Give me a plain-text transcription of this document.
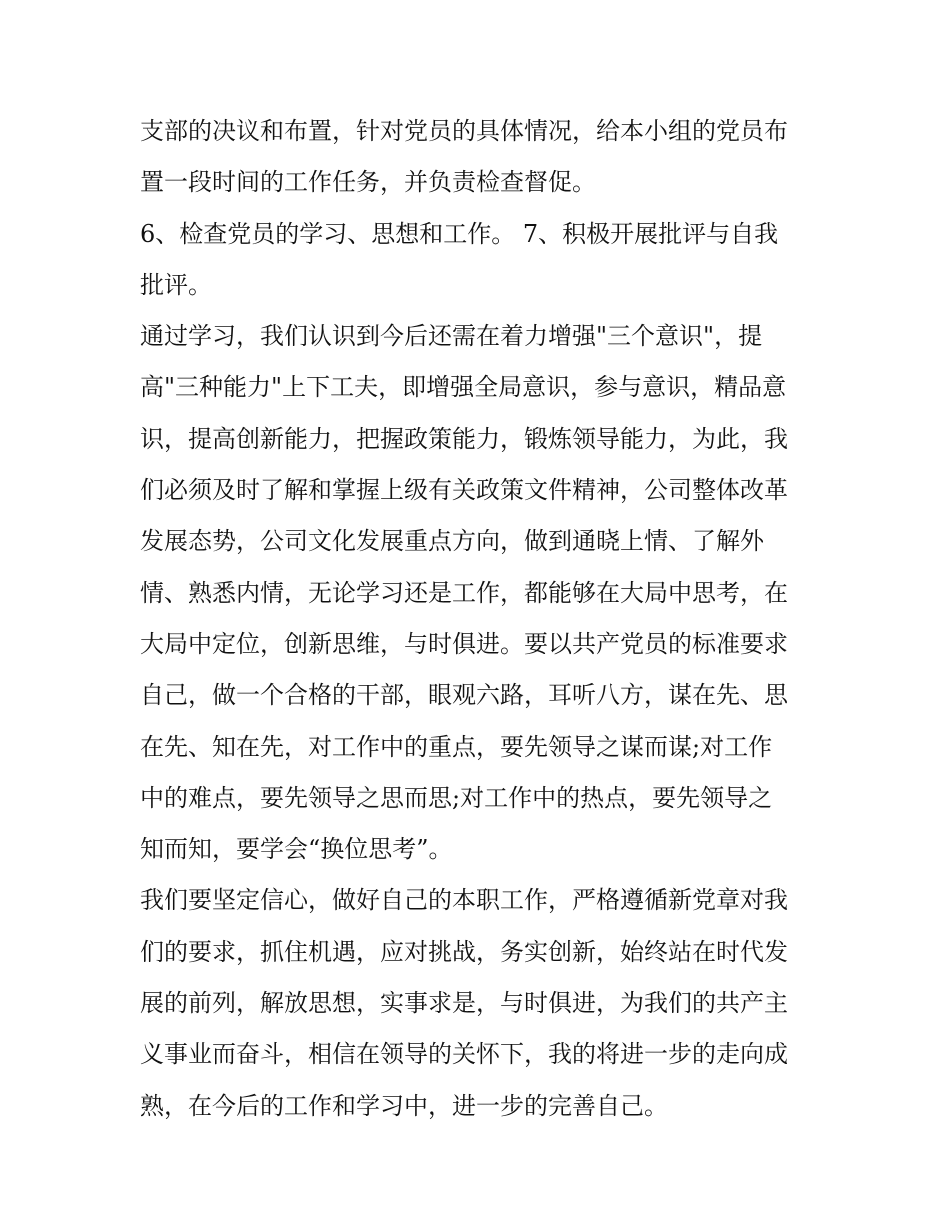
支部的决议和布置，针对党员的具体情况，给本小组的党员布
置一段时间的工作任务，并负责检查督促。
6、检查党员的学习、思想和工作。 7、积极开展批评与自我
批评。
通过学习，我们认识到今后还需在着力增强"三个意识"，提
高"三种能力"上下工夫，即增强全局意识，参与意识，精品意
识，提高创新能力，把握政策能力，锻炼领导能力，为此，我
们必须及时了解和掌握上级有关政策文件精神，公司整体改革
发展态势，公司文化发展重点方向，做到通晓上情、了解外
情、熟悉内情，无论学习还是工作，都能够在大局中思考，在
大局中定位，创新思维，与时俱进。要以共产党员的标准要求
自己，做一个合格的干部，眼观六路，耳听八方，谋在先、思
在先、知在先，对工作中的重点，要先领导之谋而谋;对工作
中的难点，要先领导之思而思;对工作中的热点，要先领导之
知而知，要学会“换位思考”。
我们要坚定信心，做好自己的本职工作，严格遵循新党章对我
们的要求，抓住机遇，应对挑战，务实创新，始终站在时代发
展的前列，解放思想，实事求是，与时俱进，为我们的共产主
义事业而奋斗，相信在领导的关怀下，我的将进一步的走向成
熟，在今后的工作和学习中，进一步的完善自己。
